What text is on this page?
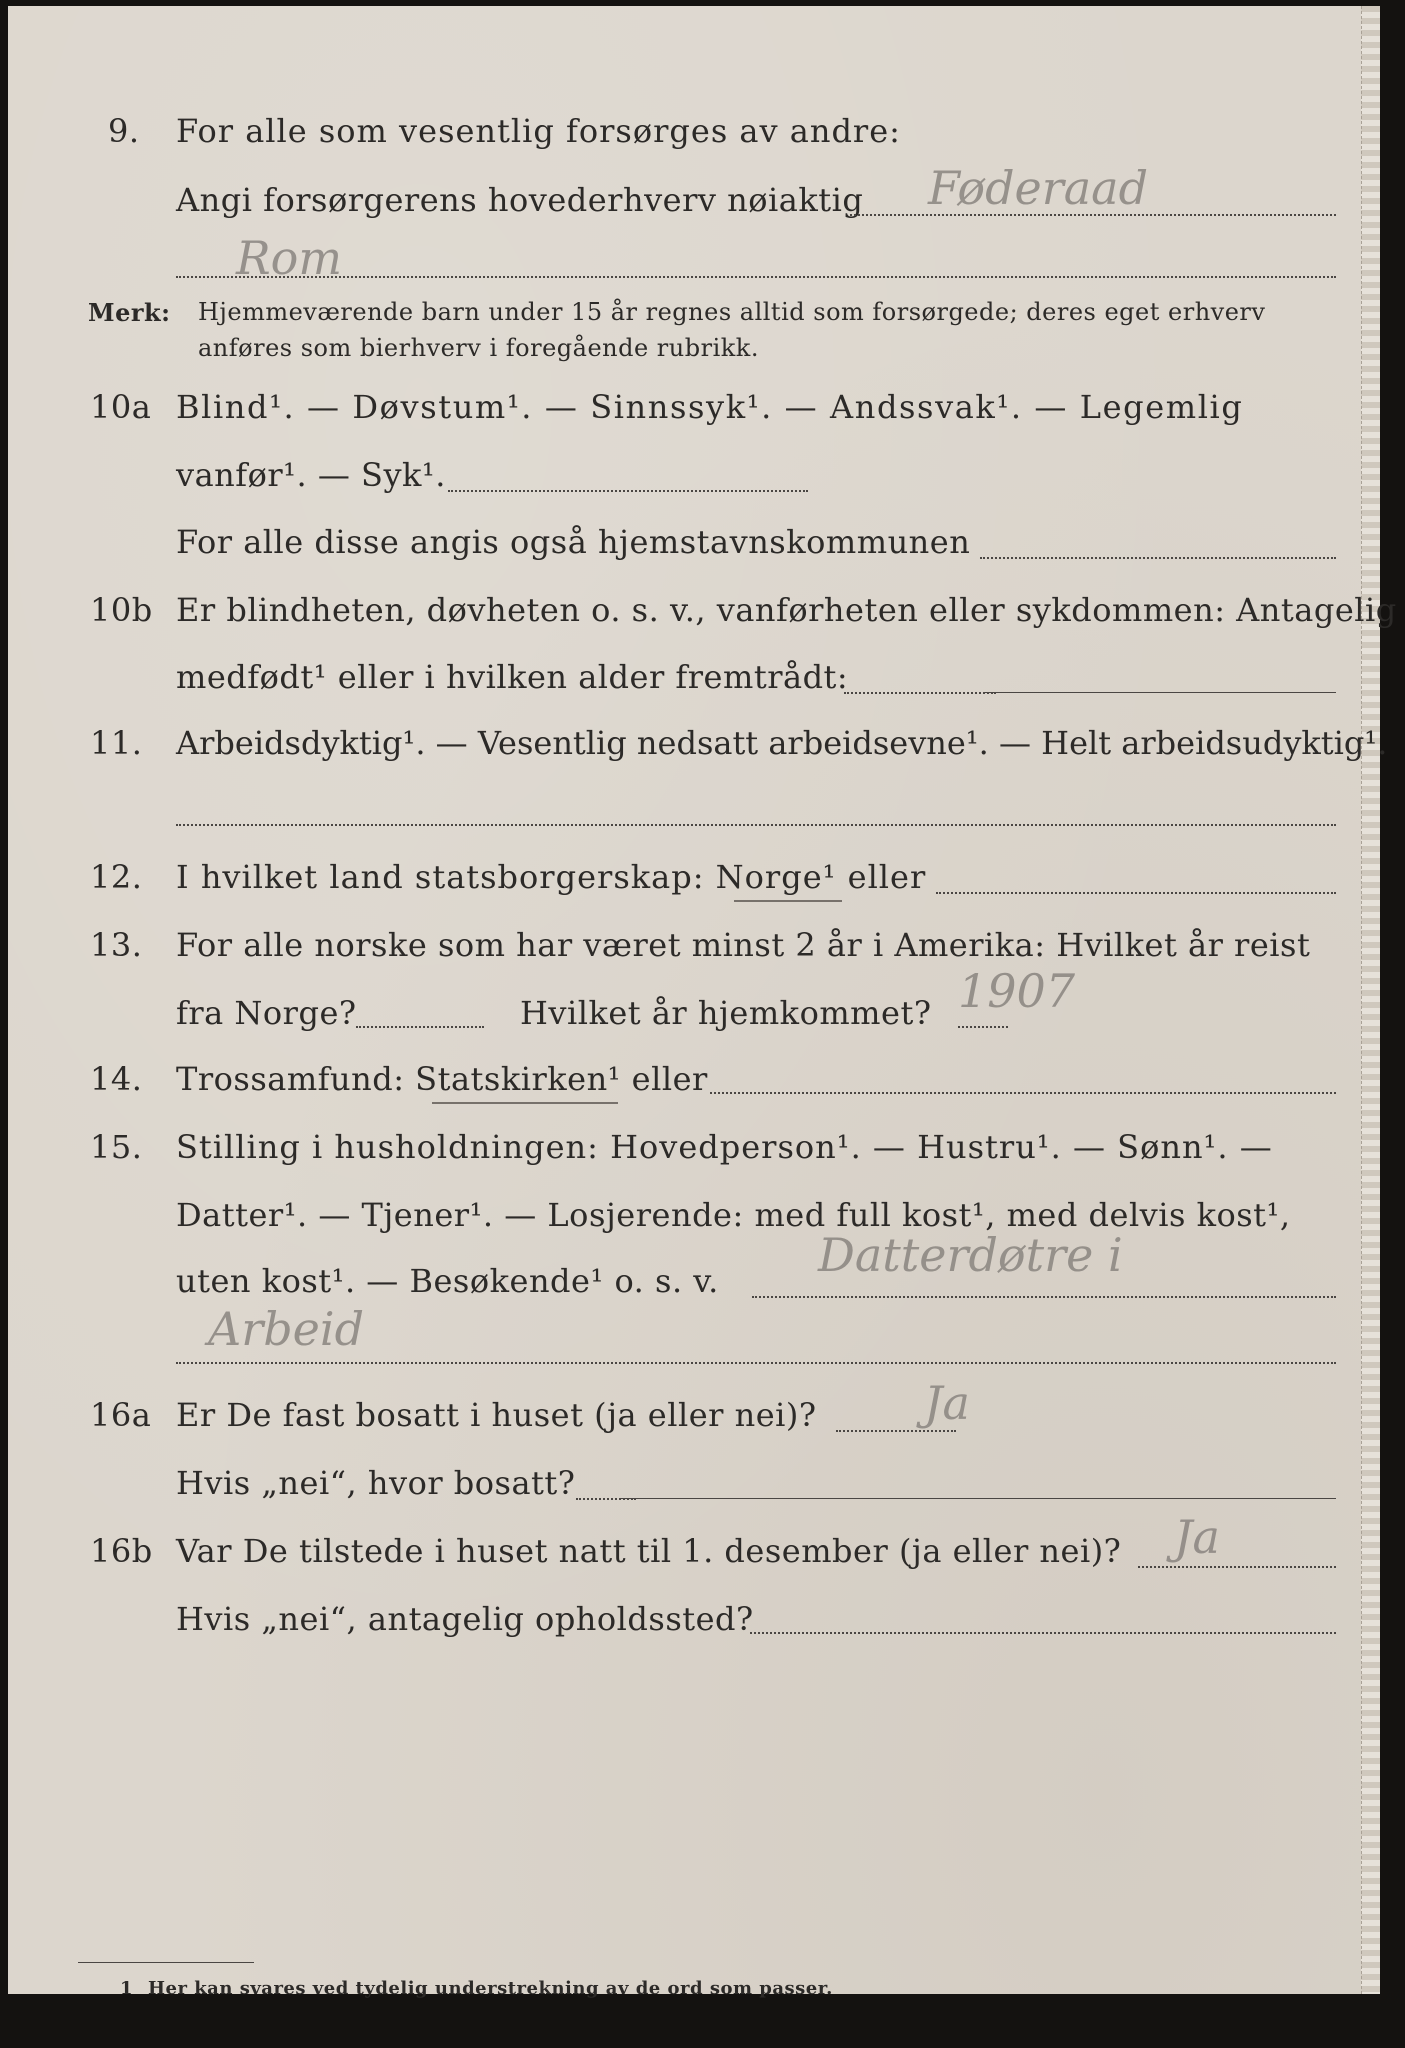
9. For alle som vesentlig forsørges av andre:
Angi forsørgerens hovederhverv nøiaktig Føderaad
Rom
Merk: Hjemmeværende barn under 15 år regnes alltid som forsørgede; deres eget erhverv
anføres som bierhverv i foregående rubrikk.
10a Blind¹. — Døvstum¹. — Sinnssyk¹. — Andssvak¹. — Legemlig
vanfør¹. — Syk¹.
For alle disse angis også hjemstavnskommunen
10b Er blindheten, døvheten o. s. v., vanførheten eller sykdommen: Antagelig
medfødt¹ eller i hvilken alder fremtrådt:
11. Arbeidsdyktig¹. — Vesentlig nedsatt arbeidsevne¹. — Helt arbeidsudyktig¹.
12. I hvilket land statsborgerskap: Norge¹ eller
13. For alle norske som har været minst 2 år i Amerika: Hvilket år reist
fra Norge?	Hvilket år hjemkommet? 1907
14. Trossamfund: Statskirken¹ eller
15. Stilling i husholdningen: Hovedperson¹. — Hustru¹. — Sønn¹. —
Datter¹. — Tjener¹. — Losjerende: med full kost¹, med delvis kost¹,
uten kost¹. — Besøkende¹ o. s. v. Datterdøtre i
Arbeid
16a Er De fast bosatt i huset (ja eller nei)? Ja
Hvis „nei“, hvor bosatt?
16b Var De tilstede i huset natt til 1. desember (ja eller nei)? Ja
Hvis „nei“, antagelig opholdssted?
1 Her kan svares ved tydelig understrekning av de ord som passer.
